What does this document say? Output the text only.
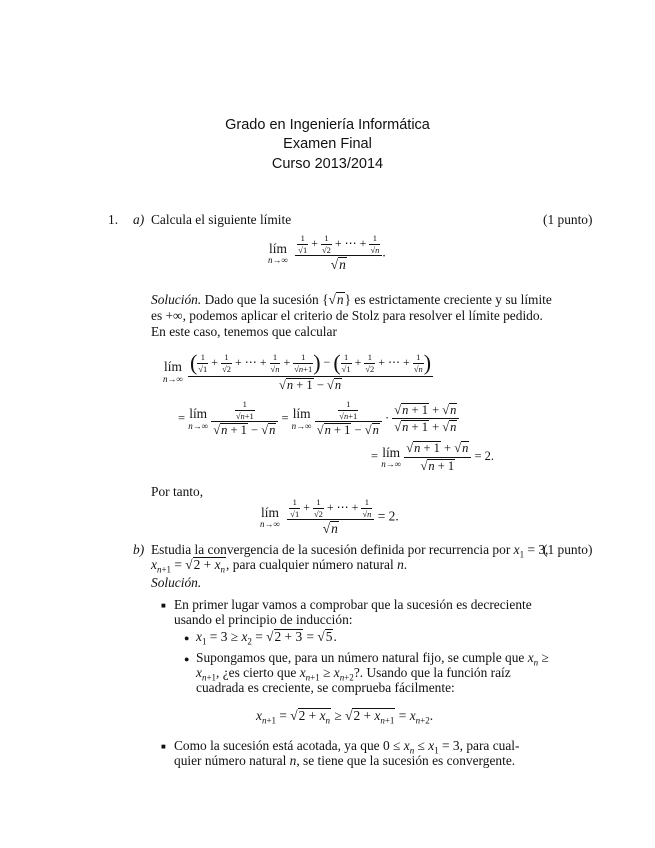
Grado en Ingeniería Informática
Examen Final
Curso 2013/2014
1. a) Calcula el siguiente límite	(1 punto)
lím
n→∞
$\frac{\frac{1}{√1} + \frac{1}{√2} + \cdots + \frac{1}{√n}}{√n}$ .
Solución. Dado que la sucesión {√n} es estrictamente creciente y su límite
es +∞, podemos aplicar el criterio de Stolz para resolver el límite pedido.
En este caso, tenemos que calcular
lím
n→∞

( $\frac{1}{√1} + \frac{1}{√2}$ + ⋯ + $\frac{1}{√n} + \frac{1}{√n+1}$ ) − ( $\frac{1}{√1} + \frac{1}{√2}$ + ⋯ + $\frac{1}{√n}$ )
√n + 1 − √n
= lím
n→∞
$\frac{\frac{1}{√n+1}}{√n + 1 - √n}$ = lím
n→∞
$\frac{\frac{1}{√n+1}}{√n + 1 - √n} \cdot \frac{√n + 1 + √n}{√n + 1 + √n}$
= lím
n→∞
$\frac{√n + 1 + √n}{√n + 1} = 2$.
Por tanto,
lím
n→∞
$\frac{\frac{1}{√1} + \frac{1}{√2} + \cdots + \frac{1}{√n}}{√n} = 2$.
b) Estudia la convergencia de la sucesión definida por recurrencia por $x_1 = 3$,
(1 punto)
$x_{n+1} = √2 + x_n$, para cualquier número natural n.
Solución.
■ En primer lugar vamos a comprobar que la sucesión es decreciente
usando el principio de inducción:
● $x_1 = 3 \ge x_2 = √2 + 3 = √5$.
● Supongamos que, para un número natural fijo, se cumple que $x_n$ ≥
$x_{n+1}$, ¿es cierto que $x_{n+1} \ge x_{n+2}$?. Usando que la función raíz
cuadrada es creciente, se comprueba fácilmente:
$x_{n+1} = √2 + x_n \ge √2 + x_{n+1} = x_{n+2}$.
■ Como la sucesión está acotada, ya que $0 \le x_n \le x_1 = 3$, para cual-
quier número natural n, se tiene que la sucesión es convergente.
